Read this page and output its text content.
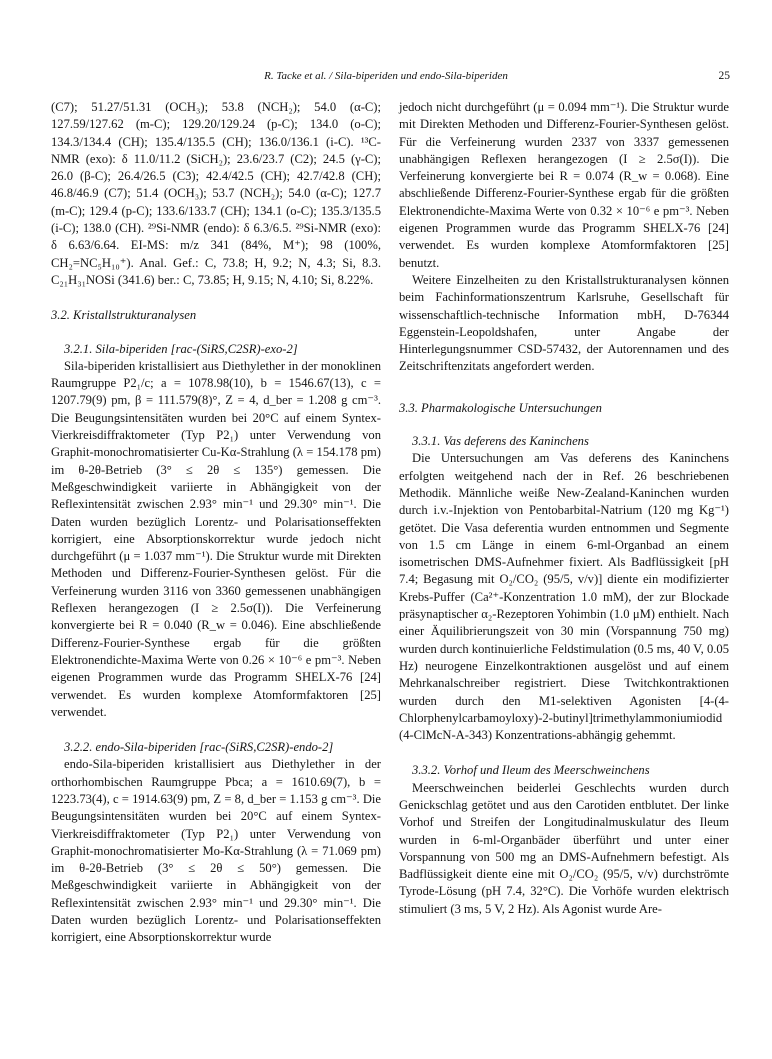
R. Tacke et al. / Sila-biperiden und endo-Sila-biperiden	25

(C7); 51.27/51.31 (OCH₃); 53.8 (NCH₂); 54.0 (α-C); 127.59/127.62 (m-C); 129.20/129.24 (p-C); 134.0 (o-C); 134.3/134.4 (CH); 135.4/135.5 (CH); 136.0/136.1 (i-C). ¹³C-NMR (exo): δ 11.0/11.2 (SiCH₂); 23.6/23.7 (C2); 24.5 (γ-C); 26.0 (β-C); 26.4/26.5 (C3); 42.4/42.5 (CH); 42.7/42.8 (CH); 46.8/46.9 (C7); 51.4 (OCH₃); 53.7 (NCH₂); 54.0 (α-C); 127.7 (m-C); 129.4 (p-C); 133.6/133.7 (CH); 134.1 (o-C); 135.3/135.5 (i-C); 138.0 (CH). ²⁹Si-NMR (endo): δ 6.3/6.5. ²⁹Si-NMR (exo): δ 6.63/6.64. EI-MS: m/z 341 (84%, M⁺); 98 (100%, CH₂=NC₅H₁₀⁺). Anal. Gef.: C, 73.8; H, 9.2; N, 4.3; Si, 8.3. C₂₁H₃₁NOSi (341.6) ber.: C, 73.85; H, 9.15; N, 4.10; Si, 8.22%.

3.2. Kristallstrukturanalysen

3.2.1. Sila-biperiden [rac-(SiRS,C2SR)-exo-2]

Sila-biperiden kristallisiert aus Diethylether in der monoklinen Raumgruppe P2₁/c; a = 1078.98(10), b = 1546.67(13), c = 1207.79(9) pm, β = 111.579(8)°, Z = 4, d_ber = 1.208 g cm⁻³. Die Beugungsintensitäten wurden bei 20°C auf einem Syntex-Vierkreisdiffraktometer (Typ P2₁) unter Verwendung von Graphit-monochromatisierter Cu-Kα-Strahlung (λ = 154.178 pm) im θ-2θ-Betrieb (3° ≤ 2θ ≤ 135°) gemessen. Die Meßgeschwindigkeit variierte in Abhängigkeit von der Reflexintensität zwischen 2.93° min⁻¹ und 29.30° min⁻¹. Die Daten wurden bezüglich Lorentz- und Polarisationseffekten korrigiert, eine Absorptionskorrektur wurde jedoch nicht durchgeführt (μ = 1.037 mm⁻¹). Die Struktur wurde mit Direkten Methoden und Differenz-Fourier-Synthesen gelöst. Für die Verfeinerung wurden 3116 von 3360 gemessenen unabhängigen Reflexen herangezogen (I ≥ 2.5σ(I)). Die Verfeinerung konvergierte bei R = 0.040 (R_w = 0.046). Eine abschließende Differenz-Fourier-Synthese ergab für die größten Elektronendichte-Maxima Werte von 0.26 × 10⁻⁶ e pm⁻³. Neben eigenen Programmen wurde das Programm SHELX-76 [24] verwendet. Es wurden komplexe Atomformfaktoren [25] verwendet.

3.2.2. endo-Sila-biperiden [rac-(SiRS,C2SR)-endo-2]

endo-Sila-biperiden kristallisiert aus Diethylether in der orthorhombischen Raumgruppe Pbca; a = 1610.69(7), b = 1223.73(4), c = 1914.63(9) pm, Z = 8, d_ber = 1.153 g cm⁻³. Die Beugungsintensitäten wurden bei 20°C auf einem Syntex-Vierkreisdiffraktometer (Typ P2₁) unter Verwendung von Graphit-monochromatisierter Mo-Kα-Strahlung (λ = 71.069 pm) im θ-2θ-Betrieb (3° ≤ 2θ ≤ 50°) gemessen. Die Meßgeschwindigkeit variierte in Abhängigkeit von der Reflexintensität zwischen 2.93° min⁻¹ und 29.30° min⁻¹. Die Daten wurden bezüglich Lorentz- und Polarisationseffekten korrigiert, eine Absorptionskorrektur wurde

jedoch nicht durchgeführt (μ = 0.094 mm⁻¹). Die Struktur wurde mit Direkten Methoden und Differenz-Fourier-Synthesen gelöst. Für die Verfeinerung wurden 2337 von 3337 gemessenen unabhängigen Reflexen herangezogen (I ≥ 2.5σ(I)). Die Verfeinerung konvergierte bei R = 0.074 (R_w = 0.068). Eine abschließende Differenz-Fourier-Synthese ergab für die größten Elektronendichte-Maxima Werte von 0.32 × 10⁻⁶ e pm⁻³. Neben eigenen Programmen wurde das Programm SHELX-76 [24] verwendet. Es wurden komplexe Atomformfaktoren [25] benutzt.

Weitere Einzelheiten zu den Kristallstrukturanalysen können beim Fachinformationszentrum Karlsruhe, Gesellschaft für wissenschaftlich-technische Information mbH, D-76344 Eggenstein-Leopoldshafen, unter Angabe der Hinterlegungsnummer CSD-57432, der Autorennamen und des Zeitschriftenzitats angefordert werden.

3.3. Pharmakologische Untersuchungen

3.3.1. Vas deferens des Kaninchens

Die Untersuchungen am Vas deferens des Kaninchens erfolgten weitgehend nach der in Ref. 26 beschriebenen Methodik. Männliche weiße New-Zealand-Kaninchen wurden durch i.v.-Injektion von Pentobarbital-Natrium (120 mg Kg⁻¹) getötet. Die Vasa deferentia wurden entnommen und Segmente von 1.5 cm Länge in einem 6-ml-Organbad an einem isometrischen DMS-Aufnehmer fixiert. Als Badflüssigkeit [pH 7.4; Begasung mit O₂/CO₂ (95/5, v/v)] diente ein modifizierter Krebs-Puffer (Ca²⁺-Konzentration 1.0 mM), der zur Blockade präsynaptischer α₂-Rezeptoren Yohimbin (1.0 μM) enthielt. Nach einer Äquilibrierungszeit von 30 min (Vorspannung 750 mg) wurden durch kontinuierliche Feldstimulation (0.5 ms, 40 V, 0.05 Hz) neurogene Einzelkontraktionen ausgelöst und auf einem Mehrkanalschreiber registriert. Diese Twitchkontraktionen wurden durch den M1-selektiven Agonisten [4-(4-Chlorphenylcarbamoyloxy)-2-butinyl]trimethylammoniumiodid (4-ClMcN-A-343) Konzentrations-abhängig gehemmt.

3.3.2. Vorhof und Ileum des Meerschweinchens

Meerschweinchen beiderlei Geschlechts wurden durch Genickschlag getötet und aus den Carotiden entblutet. Der linke Vorhof und Streifen der Longitudinalmuskulatur des Ileum wurden in 6-ml-Organbäder überführt und unter einer Vorspannung von 500 mg an DMS-Aufnehmern befestigt. Als Badflüssigkeit diente eine mit O₂/CO₂ (95/5, v/v) durchströmte Tyrode-Lösung (pH 7.4, 32°C). Die Vorhöfe wurden elektrisch stimuliert (3 ms, 5 V, 2 Hz). Als Agonist wurde Are-
